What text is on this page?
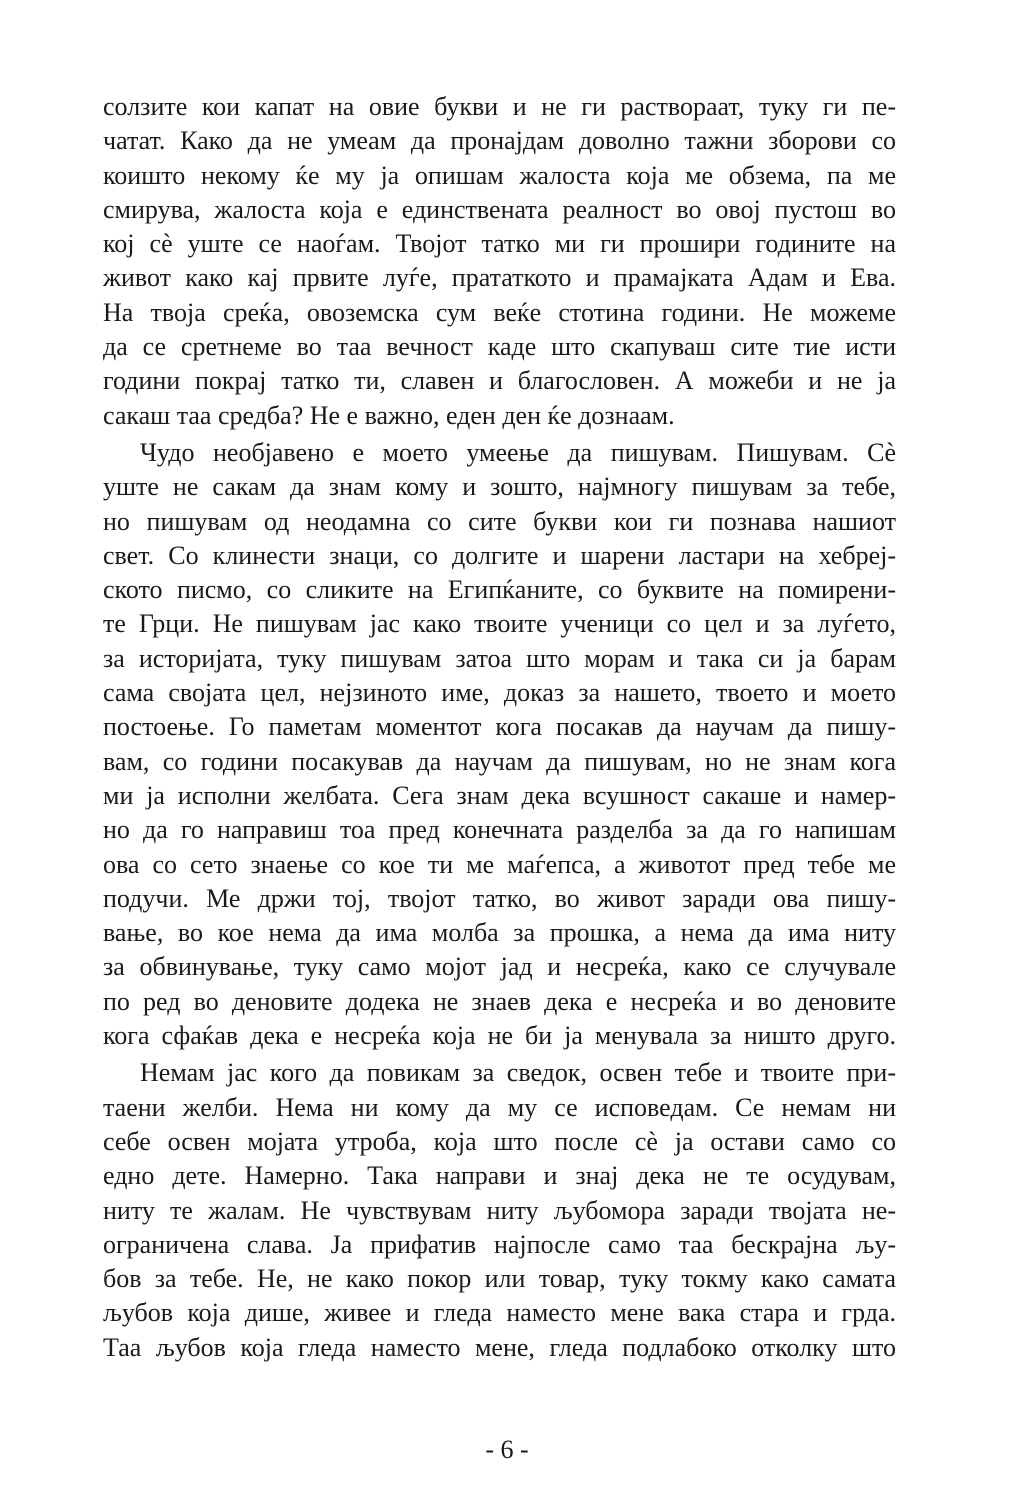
солзите кои капат на овие букви и не ги раствораат, туку ги пе-
чатат. Како да не умеам да пронајдам доволно тажни зборови со
коишто некому ќе му ја опишам жалоста која ме обзема, па ме
смирува, жалоста која е единствената реалност во овој пустош во
кој сè уште се наоѓам. Твојот татко ми ги прошири годините на
живот како кај првите луѓе, прататкото и прамајката Адам и Ева.
На твоја среќа, овоземска сум веќе стотина години. Не можеме
да се сретнеме во таа вечност каде што скапуваш сите тие исти
години покрај татко ти, славен и благословен. А можеби и не ја
сакаш таа средба? Не е важно, еден ден ќе дознаам.
Чудо необјавено е моето умеење да пишувам. Пишувам. Сè
уште не сакам да знам кому и зошто, најмногу пишувам за тебе,
но пишувам од неодамна со сите букви кои ги познава нашиот
свет. Со клинести знаци, со долгите и шарени ластари на хебреј-
ското писмо, со сликите на Египќаните, со буквите на помирени-
те Грци. Не пишувам јас како твоите ученици со цел и за луѓето,
за историјата, туку пишувам затоа што морам и така си ја барам
сама својата цел, нејзиното име, доказ за нашето, твоето и моето
постоење. Го паметам моментот кога посакав да научам да пишу-
вам, со години посакував да научам да пишувам, но не знам кога
ми ја исполни желбата. Сега знам дека всушност сакаше и намер-
но да го направиш тоа пред конечната разделба за да го напишам
ова со сето знаење со кое ти ме маѓепса, а животот пред тебе ме
подучи. Ме држи тој, твојот татко, во живот заради ова пишу-
вање, во кое нема да има молба за прошка, а нема да има ниту
за обвинување, туку само мојот јад и несреќа, како се случувале
по ред во деновите додека не знаев дека е несреќа и во деновите
кога сфаќав дека е несреќа која не би ја менувала за ништо друго.
Немам јас кого да повикам за сведок, освен тебе и твоите при-
таени желби. Нема ни кому да му се исповедам. Се немам ни
себе освен мојата утроба, која што после сè ја остави само со
едно дете. Намерно. Така направи и знај дека не те осудувам,
ниту те жалам. Не чувствувам ниту љубомора заради твојата не-
ограничена слава. Ја прифатив најпосле само таа бескрајна љу-
бов за тебе. Не, не како покор или товар, туку токму како самата
љубов која дише, живее и гледа наместо мене вака стара и грда.
Таа љубов која гледа наместо мене, гледа подлабоко отколку што
- 6 -
